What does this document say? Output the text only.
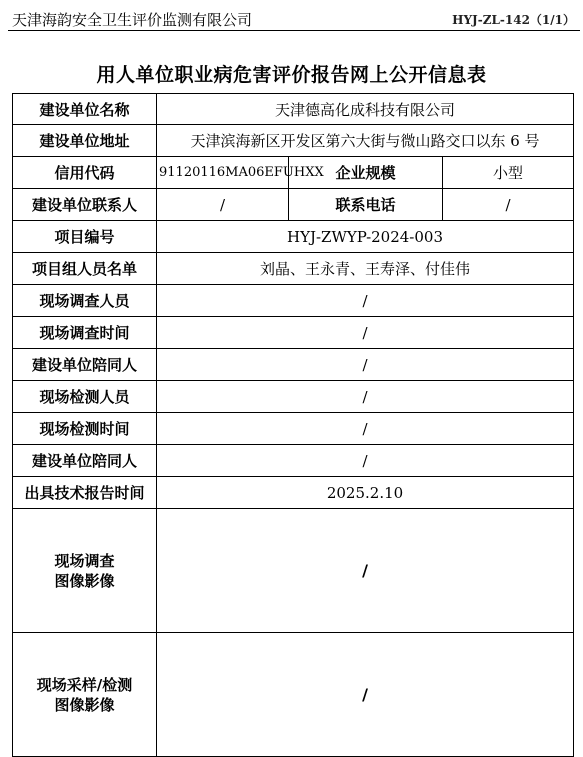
天津海韵安全卫生评价监测有限公司	HYJ-ZL-142（1/1）
用人单位职业病危害评价报告网上公开信息表
建设单位名称	天津德高化成科技有限公司		
建设单位地址	天津滨海新区开发区第六大街与微山路交口以东 6 号		
信用代码	91120116MA06EFUHXX	企业规模	小型
建设单位联系人	/	联系电话	/
项目编号	HYJ-ZWYP-2024-003		
项目组人员名单	刘晶、王永青、王寿泽、付佳伟		
现场调查人员	/		
现场调查时间	/		
建设单位陪同人	/		
现场检测人员	/		
现场检测时间	/		
建设单位陪同人	/		
出具技术报告时间	2025.2.10		

现场调查
图像影像	/		

现场采样/检测
图像影像	/		
